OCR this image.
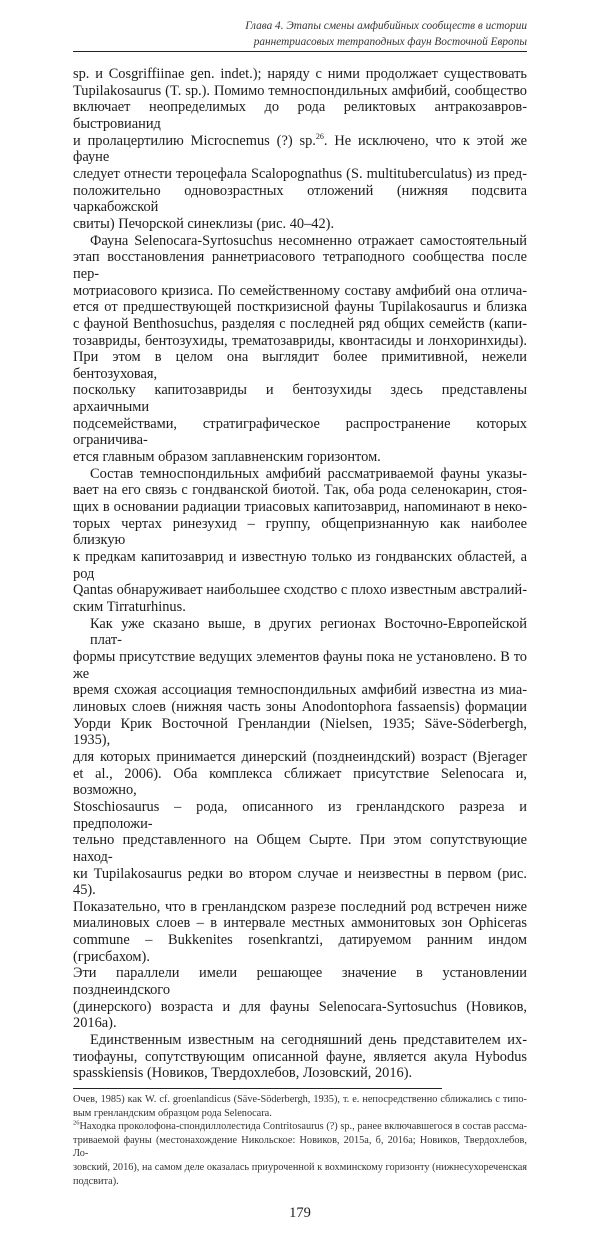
Глава 4. Этапы смены амфибийных сообществ в истории
раннетриасовых тетраподных фаун Восточной Европы
sp. и Cosgriffiinae gen. indet.); наряду с ними продолжает существовать
Tupilakosaurus (T. sp.). Помимо темноспондильных амфибий, сообщество
включает неопределимых до рода реликтовых антракозавров-быстровианид
и пролацертилию Microcnemus (?) sp.$^{26}$. Не исключено, что к этой же фауне
следует отнести тероцефала Scalopognathus (S. multituberculatus) из пред-
положительно одновозрастных отложений (нижняя подсвита чаркабожской
свиты) Печорской синеклизы (рис. 40–42).
Фауна Selenocara-Syrtosuchus несомненно отражает самостоятельный
этап восстановления раннетриасового тетраподного сообщества после пер-
мотриасового кризиса. По семейственному составу амфибий она отлича-
ется от предшествующей посткризисной фауны Tupilakosaurus и близка
с фауной Benthosuchus, разделяя с последней ряд общих семейств (капи-
тозавриды, бентозухиды, трематозавриды, квонтасиды и лонхоринхиды).
При этом в целом она выглядит более примитивной, нежели бентозуховая,
поскольку капитозавриды и бентозухиды здесь представлены архаичными
подсемействами, стратиграфическое распространение которых ограничива-
ется главным образом заплавненским горизонтом.
Состав темноспондильных амфибий рассматриваемой фауны указы-
вает на его связь с гондванской биотой. Так, оба рода селенокарин, стоя-
щих в основании радиации триасовых капитозаврид, напоминают в неко-
торых чертах ринезухид – группу, общепризнанную как наиболее близкую
к предкам капитозаврид и известную только из гондванских областей, а род
Qantas обнаруживает наибольшее сходство с плохо известным австралий-
ским Tirraturhinus.
Как уже сказано выше, в других регионах Восточно-Европейской плат-
формы присутствие ведущих элементов фауны пока не установлено. В то же
время схожая ассоциация темноспондильных амфибий известна из миа-
линовых слоев (нижняя часть зоны Anodontophora fassaensis) формации
Уорди Крик Восточной Гренландии (Nielsen, 1935; Säve-Söderbergh, 1935),
для которых принимается динерский (позднеиндский) возраст (Bjerager
et al., 2006). Оба комплекса сближает присутствие Selenocara и, возможно,
Stoschiosaurus – рода, описанного из гренландского разреза и предположи-
тельно представленного на Общем Сырте. При этом сопутствующие наход-
ки Tupilakosaurus редки во втором случае и неизвестны в первом (рис. 45).
Показательно, что в гренландском разрезе последний род встречен ниже
миалиновых слоев – в интервале местных аммонитовых зон Ophiceras
commune – Bukkenites rosenkrantzi, датируемом ранним индом (грисбахом).
Эти параллели имели решающее значение в установлении позднеиндского
(динерского) возраста и для фауны Selenocara-Syrtosuchus (Новиков, 2016a).
Единственным известным на сегодняшний день представителем их-
тиофауны, сопутствующим описанной фауне, является акула Hybodus
spasskiensis (Новиков, Твердохлебов, Лозовский, 2016).
Очев, 1985) как W. cf. groenlandicus (Säve-Söderbergh, 1935), т. е. непосредственно сближались с типо-
вым гренландским образцом рода Selenocara.
$^{26}$Находка проколофона-спондиллолестида Contritosaurus (?) sp., ранее включавшегося в состав рассма-
триваемой фауны (местонахождение Никольское: Новиков, 2015a, б, 2016a; Новиков, Твердохлебов, Ло-
зовский, 2016), на самом деле оказалась приуроченной к вохминскому горизонту (нижнесухореченская
подсвита).
179
